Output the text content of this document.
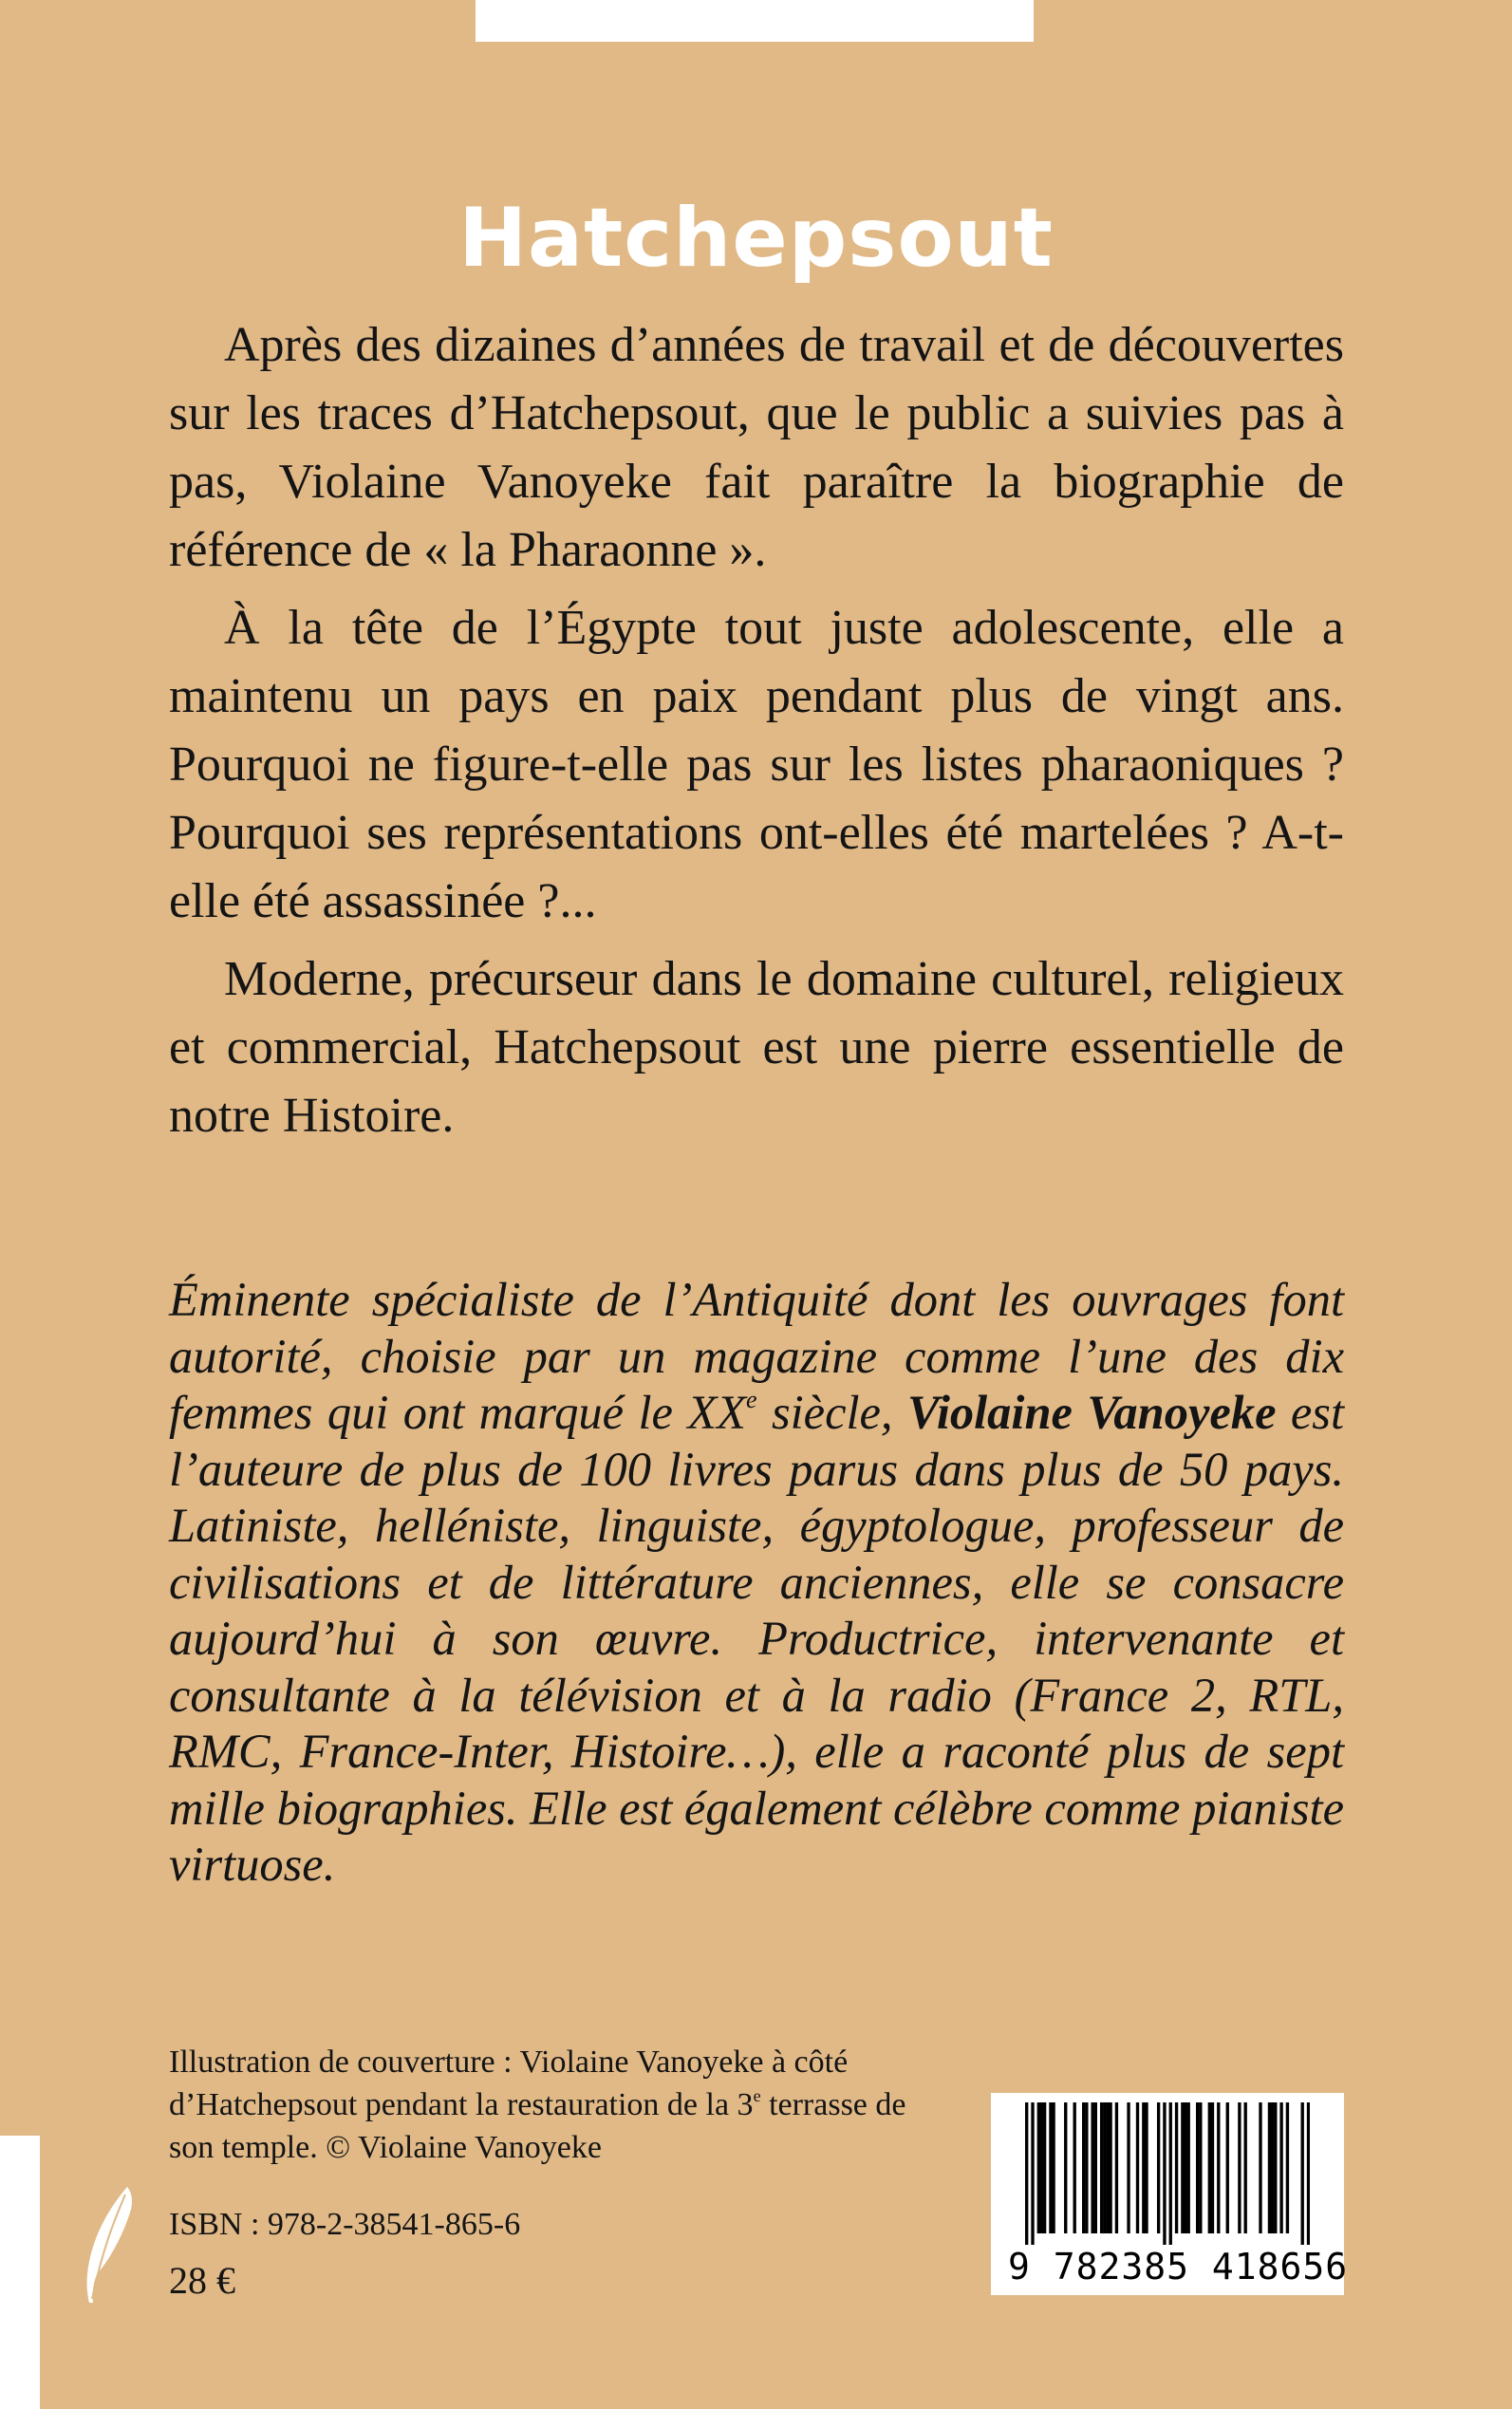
Hatchepsout

Après des dizaines d’années de travail et de découvertes sur les traces d’Hatchepsout, que le public a suivies pas à pas, Violaine Vanoyeke fait paraître la biographie de référence de « la Pharaonne ».

À la tête de l’Égypte tout juste adolescente, elle a maintenu un pays en paix pendant plus de vingt ans. Pourquoi ne figure-t-elle pas sur les listes pharaoniques ? Pourquoi ses représentations ont-elles été martelées ? A-t-elle été assassinée ?...

Moderne, précurseur dans le domaine culturel, religieux et commercial, Hatchepsout est une pierre essentielle de notre Histoire.

Éminente spécialiste de l’Antiquité dont les ouvrages font autorité, choisie par un magazine comme l’une des dix femmes qui ont marqué le XXe siècle, Violaine Vanoyeke est l’auteure de plus de 100 livres parus dans plus de 50 pays. Latiniste, helléniste, linguiste, égyptologue, professeur de civilisations et de littérature anciennes, elle se consacre aujourd’hui à son œuvre. Productrice, intervenante et consultante à la télévision et à la radio (France 2, RTL, RMC, France-Inter, Histoire…), elle a raconté plus de sept mille biographies. Elle est également célèbre comme pianiste virtuose.

Illustration de couverture : Violaine Vanoyeke à côté d’Hatchepsout pendant la restauration de la 3e terrasse de son temple. © Violaine Vanoyeke
ISBN : 978-2-38541-865-6
28 €	9 782385 418656
